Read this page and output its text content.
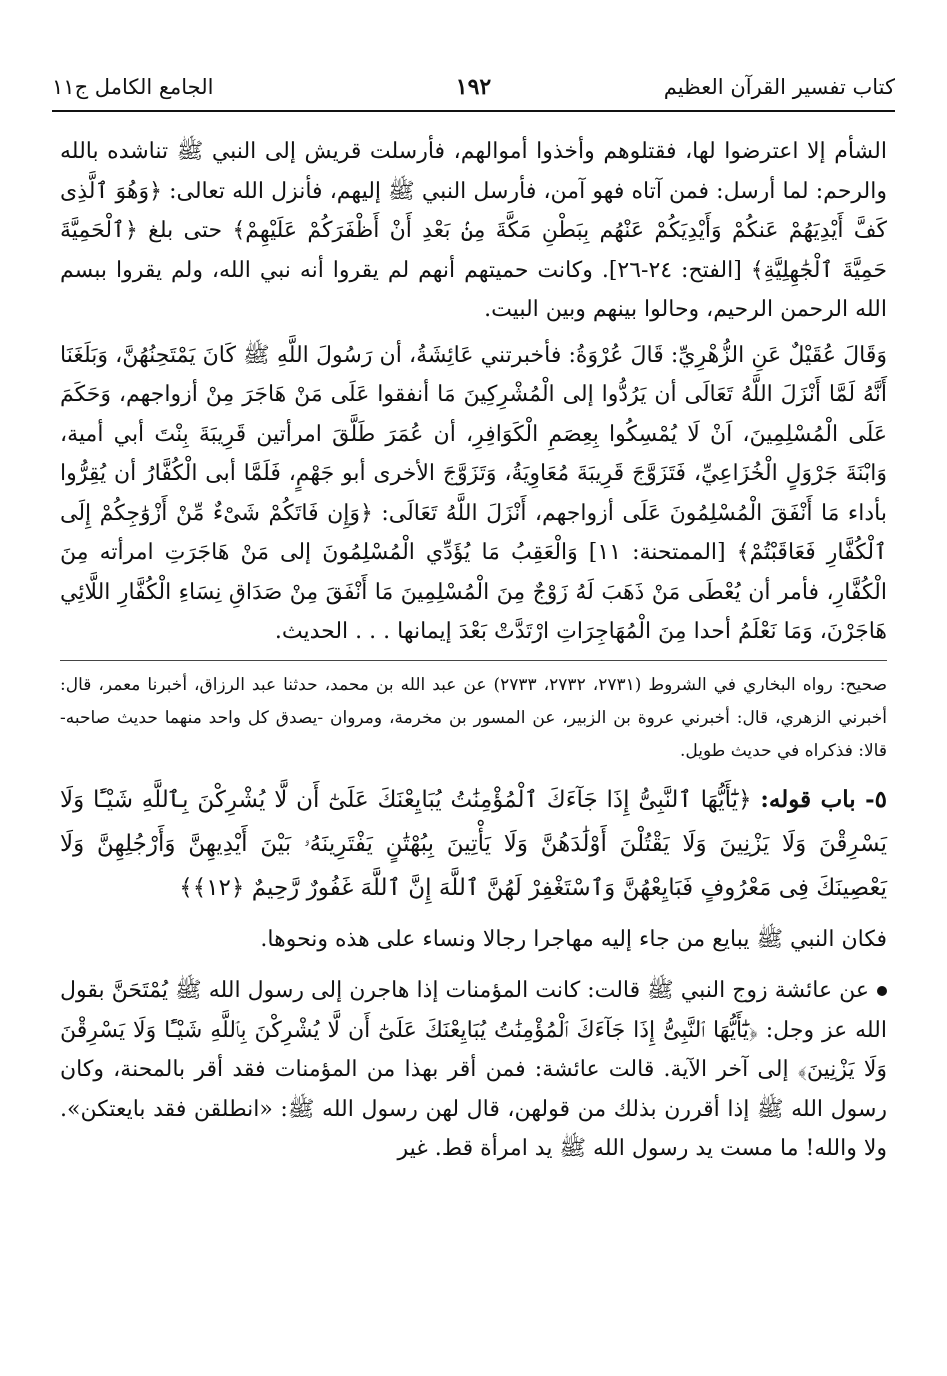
كتاب تفسير القرآن العظيم
١٩٢
الجامع الكامل ج١١

الشأم إلا اعترضوا لها، فقتلوهم وأخذوا أموالهم، فأرسلت قريش إلى النبي ﷺ تناشده بالله والرحم: لما أرسل: فمن آتاه فهو آمن، فأرسل النبي ﷺ إليهم، فأنزل الله تعالى: ﴿وَهُوَ ٱلَّذِى كَفَّ أَيْدِيَهُمْ عَنكُمْ وَأَيْدِيَكُمْ عَنْهُم بِبَطْنِ مَكَّةَ مِنۢ بَعْدِ أَنْ أَظْفَرَكُمْ عَلَيْهِمْ﴾ حتى بلغ ﴿ٱلْحَمِيَّةَ حَمِيَّةَ ٱلْجَٰهِلِيَّةِ﴾ [الفتح: ٢٤-٢٦]. وكانت حميتهم أنهم لم يقروا أنه نبي الله، ولم يقروا ببسم الله الرحمن الرحيم، وحالوا بينهم وبين البيت.

وَقَالَ عُقَيْلٌ عَنِ الزُّهْرِيِّ: قَالَ عُرْوَةُ: فأخبرتني عَائِشَةُ، أن رَسُولَ اللَّهِ ﷺ كَانَ يَمْتَحِنُهُنَّ، وَبَلَغَنَا أَنَّهُ لَمَّا أَنْزَلَ اللَّهُ تَعَالَى أن يَرُدُّوا إلى الْمُشْرِكِينَ مَا أنفقوا عَلَى مَنْ هَاجَرَ مِنْ أزواجهم، وَحَكَمَ عَلَى الْمُسْلِمِينَ، اَنْ لَا يُمْسِكُوا بِعِصَمِ الْكَوَافِرِ، أن عُمَرَ طَلَّقَ امرأتين قَرِيبَةَ بِنْتَ أبي أمية، وَابْنَةَ جَرْوَلٍ الْخُزَاعِيِّ، فَتَزَوَّجَ قَرِيبَةَ مُعَاوِيَةُ، وَتَزَوَّجَ الأخرى أبو جَهْمٍ، فَلَمَّا أبى الْكُفَّارُ أن يُقِرُّوا بأداء مَا أَنْفَقَ الْمُسْلِمُونَ عَلَى أزواجهم، أَنْزَلَ اللَّهُ تَعَالَى: ﴿وَإِن فَاتَكُمْ شَىْءٌ مِّنْ أَزْوَٰجِكُمْ إِلَى ٱلْكُفَّارِ فَعَاقَبْتُمْ﴾ [الممتحنة: ١١] وَالْعَقِبُ مَا يُؤَدِّي الْمُسْلِمُونَ إلى مَنْ هَاجَرَتِ امرأته مِنَ الْكُفَّارِ، فأمر أن يُعْطَى مَنْ ذَهَبَ لَهُ زَوْجٌ مِنَ الْمُسْلِمِينَ مَا أَنْفَقَ مِنْ صَدَاقِ نِسَاءِ الْكُفَّارِ اللَّائِي هَاجَرْنَ، وَمَا نَعْلَمُ أحدا مِنَ الْمُهَاجِرَاتِ ارْتَدَّتْ بَعْدَ إيمانها . . . الحديث.

صحيح: رواه البخاري في الشروط (٢٧٣١، ٢٧٣٢، ٢٧٣٣) عن عبد الله بن محمد، حدثنا عبد الرزاق، أخبرنا معمر، قال: أخبرني الزهري، قال: أخبرني عروة بن الزبير، عن المسور بن مخرمة، ومروان -يصدق كل واحد منهما حديث صاحبه- قالا: فذكراه في حديث طويل.

٥- باب قوله: ﴿يَٰٓأَيُّهَا ٱلنَّبِىُّ إِذَا جَآءَكَ ٱلْمُؤْمِنَٰتُ يُبَايِعْنَكَ عَلَىٰٓ أَن لَّا يُشْرِكْنَ بِٱللَّهِ شَيْـًٔا وَلَا يَسْرِقْنَ وَلَا يَزْنِينَ وَلَا يَقْتُلْنَ أَوْلَٰدَهُنَّ وَلَا يَأْتِينَ بِبُهْتَٰنٍ يَفْتَرِينَهُۥ بَيْنَ أَيْدِيهِنَّ وَأَرْجُلِهِنَّ وَلَا يَعْصِينَكَ فِى مَعْرُوفٍ فَبَايِعْهُنَّ وَٱسْتَغْفِرْ لَهُنَّ ٱللَّهَ إِنَّ ٱللَّهَ غَفُورٌ رَّحِيمٌ ﴿١٢﴾﴾

فكان النبي ﷺ يبايع من جاء إليه مهاجرا رجالا ونساء على هذه ونحوها.

عن عائشة زوج النبي ﷺ قالت: كانت المؤمنات إذا هاجرن إلى رسول الله ﷺ يُمْتَحَنَّ بقول الله عز وجل: ﴿يَٰٓأَيُّهَا ٱلنَّبِىُّ إِذَا جَآءَكَ ٱلْمُؤْمِنَٰتُ يُبَايِعْنَكَ عَلَىٰٓ أَن لَّا يُشْرِكْنَ بِٱللَّهِ شَيْـًٔا وَلَا يَسْرِقْنَ وَلَا يَزْنِينَ﴾ إلى آخر الآية. قالت عائشة: فمن أقر بهذا من المؤمنات فقد أقر بالمحنة، وكان رسول الله ﷺ إذا أقررن بذلك من قولهن، قال لهن رسول الله ﷺ: «انطلقن فقد بايعتكن». ولا والله! ما مست يد رسول الله ﷺ يد امرأة قط. غير
